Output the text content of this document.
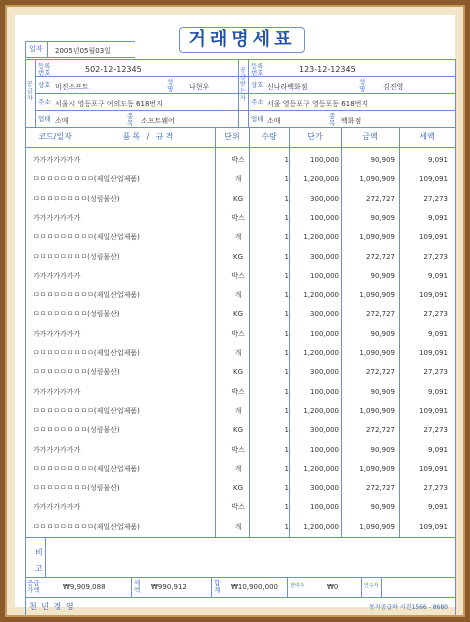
거래명세표
일자 2005년05월03일
공급자
등록번호	502-12-12345
상호 미진소프트
성명 나현우
주소 서울시 영등포구 여의도동 618번지
업태 소매
종목 소프트웨어
공급받는자
등록번호	123-12-12345
상호 신나라백화점
성명	김진영
주소 서울 영등포구 영등포동 618번지
업태 소매
종목 백화점
코드/일자	품목 / 규격	단위	수량	단가	금액	세액
가가가가가가가	박스	1	100,000	90,909	9,091
ㅁㅁㅁㅁㅁㅁㅁㅁㅁ(제일산업제품)	개	1	1,200,000	1,090,909	109,091
ㅁㅁㅁㅁㅁㅁㅁㅁ(성림물산)	KG	1	300,000	272,727	27,273
가가가가가가가	박스	1	100,000	90,909	9,091
ㅁㅁㅁㅁㅁㅁㅁㅁㅁ(제일산업제품)	개	1	1,200,000	1,090,909	109,091
ㅁㅁㅁㅁㅁㅁㅁㅁ(성림물산)	KG	1	300,000	272,727	27,273
가가가가가가가	박스	1	100,000	90,909	9,091
ㅁㅁㅁㅁㅁㅁㅁㅁㅁ(제일산업제품)	개	1	1,200,000	1,090,909	109,091
ㅁㅁㅁㅁㅁㅁㅁㅁ(성림물산)	KG	1	300,000	272,727	27,273
가가가가가가가	박스	1	100,000	90,909	9,091
ㅁㅁㅁㅁㅁㅁㅁㅁㅁ(제일산업제품)	개	1	1,200,000	1,090,909	109,091
ㅁㅁㅁㅁㅁㅁㅁㅁ(성림물산)	KG	1	300,000	272,727	27,273
가가가가가가가	박스	1	100,000	90,909	9,091
ㅁㅁㅁㅁㅁㅁㅁㅁㅁ(제일산업제품)	개	1	1,200,000	1,090,909	109,091
ㅁㅁㅁㅁㅁㅁㅁㅁ(성림물산)	KG	1	300,000	272,727	27,273
가가가가가가가	박스	1	100,000	90,909	9,091
ㅁㅁㅁㅁㅁㅁㅁㅁㅁ(제일산업제품)	개	1	1,200,000	1,090,909	109,091
ㅁㅁㅁㅁㅁㅁㅁㅁ(성림물산)	KG	1	300,000	272,727	27,273
가가가가가가가	박스	1	100,000	90,909	9,091
ㅁㅁㅁㅁㅁㅁㅁㅁㅁ(제일산업제품)	개	1	1,200,000	1,090,909	109,091
비고
공급가액	₩9,909,088	세액	₩990,912	합계	₩10,900,000 전미수	₩0	인수자
천 년 경 영	동지공급하 시진1566 - 8680
